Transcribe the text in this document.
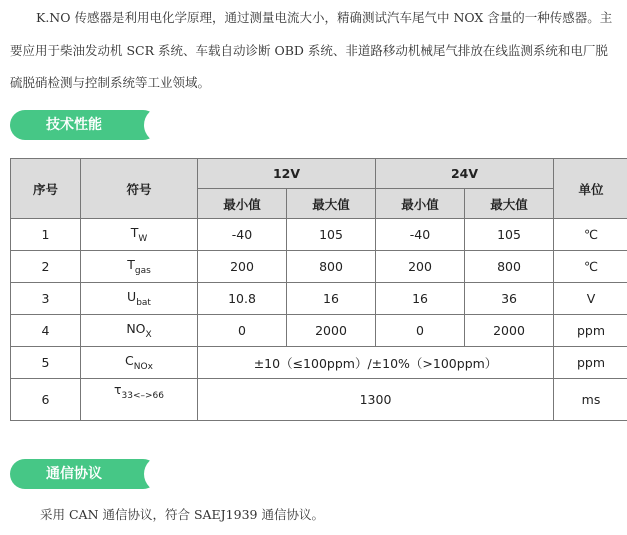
K.NO 传感器是利用电化学原理，通过测量电流大小，精确测试汽车尾气中 NOX 含量的一种传感器。主要应用于柴油发动机 SCR 系统、车载自动诊断 OBD 系统、非道路移动机械尾气排放在线监测系统和电厂脱硫脱硝检测与控制系统等工业领域。
技术性能
序号	符号	12V		24V		单位
		最小值	最大值	最小值	最大值	
1	$T_W$	-40	105	-40	105	℃
2	$T_{gas}$	200	800	200	800	℃
3	$U_{bat}$	10.8	16	16	36	V
4	$NO_X$	0	2000	0	2000	ppm
5	$C_{NOx}$	±10（≤100ppm）/±10%（>100ppm）				ppm
6	$\tau_{33<->66}$	1300				ms
通信协议
采用 CAN 通信协议，符合 SAEJ1939 通信协议。
